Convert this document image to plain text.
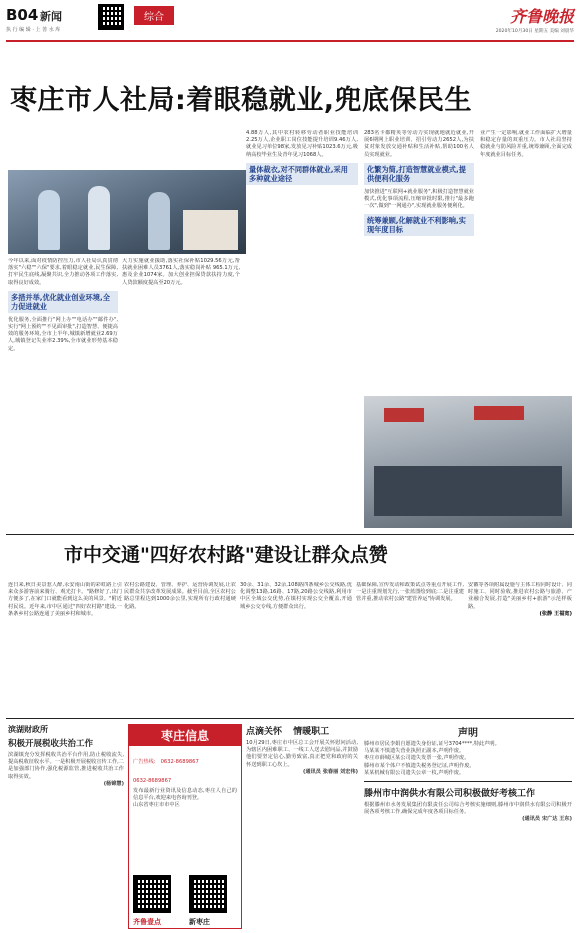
B04 新闻	综合
执 行 编 辑 · 上 善 水 库
齐鲁晚报
2020年10月30日 星期五 美编 刘晨华
枣庄市人社局:着眼稳就业,兜底保民生

今年以来,面对疫情防控压力,市人社局认真贯彻落实"六稳""六保"要求,着眼稳定就业,民生保障,打牢民生底线,凝聚共识,全力推动各项工作落实,取得良好成效。

多措并举,优化就业创业环境,全力促进就业

优化服务,全面推行"网上办""电话办""邮件办",实行"网上预约""不见面审批",打造智慧、便捷高效的服务环境,全市上半年,城镇新增就业2.69万人,城镇登记失业率2.39%,全市就业形势基本稳定。

大力实施就业援助,落实社保补贴1029.56万元,帮扶就业困难人员3761人,落实稳岗补贴 965.1万元,惠及企业1074家。加大创业担保贷款扶持力度,个人贷款额度提高至20万元。

4.88万人,其中农村转移劳动者职业技能培训2.25万人,企业职工岗位技能提升培训9.46万人,就业见习单位98家,发放见习补贴1023.6万元,吸纳高校毕业生及青年见习1068人。

量体裁衣,对不同群体就业,采用多种就业途径

283名卡都精英等劳动力实现就地就近就业,开展6期网上职业培训、招引劳动力2652人,为扶贫对象发放交通补贴和生活补贴,帮助100名人员实现就业。

化繁为简,打造智慧就业模式,提供便利化服务

加快推进"互联网+就业服务",积极打造智慧就业模式,优化事项流程,压缩审批时限,推行"最多跑一次",做到"一网通办",实现就业服务便利化。

统筹兼顾,化解就业不利影响,实现年度目标

业产生一定影响,就业工作面临扩大增量和稳定存量的双重压力。市人社局坚持稳就业与防风险并重,统筹兼顾,全面完成年度就业目标任务。

市中交通"四好农村路"建设让群众点赞

连日来,秋日美景惹人醉,永安南山街的彩虹路上引来众多游客前来骑行、观光打卡。"路修好了,出门方便多了,在家门口就能看到这么美的风景。"附近村民说。近年来,市中区通过"四好农村路"建设,一条条乡村公路连通了美丽乡村和城市。

农村公路建设、管理、养护、运营协调发展,让农民群众共享改革发展成果。截至目前,全区农村公路总里程达到1000余公里,实现所有行政村通硬化路。

30余、31余、32余,108路四条城乡公交线路,优化调整13路,16路、17路,20路公交线路,利用市中区全域公交优势,在镇村实现公交全覆盖,开通城乡公交专线,方便群众出行。

基础保障,宣传发动和政策试点等重点开展工作,一是注重规划先行,一张蓝图绘到底;二是注重建管并重,推动农村公路"建管养运"协调发展。

安徽等各项附属设施与主体工程同时设计、同时施工、同时验收,推进农村公路与旅游、产业融合发展,打造"美丽乡村+旅游"示范样板路。

(张静 王福宽)
滨湖财政所
积极开展税收共治工作

滨湖镇充分发挥税收共治平台作用,防止税收流失,提高税收征收水平。一是积极开展税收宣传工作,二是加强部门协作,强化税源监管,推进税收共治工作取得实效。

(杨锦慧)
枣庄信息
广告热线: 0632-8689867
0632-8689867

发布最新行业资讯及信息动态,枣庄人自己的信息平台,欢迎来电咨询刊登。

山东省枣庄市市中区

齐鲁壹点	新枣庄
点滴关怀 情暖职工

10月29日,枣庄市中区总工会开展关怀慰问活动,为辖区内困难职工、一线工人送去慰问品,并鼓励他们要坚定信心,勤劳致富,真正把党和政府的关怀送到职工心坎上。

(通讯员 张春丽 刘宏伟)
声明

滕州市居民李娟自愿遗失身份证,证号3704****,特此声明。

马某某不慎遗失营业执照正副本,声明作废。

枣庄市薛城区某公司遗失发票一张,声明作废。

滕州市某个体户不慎遗失税务登记证,声明作废。

某某机械有限公司遗失公章一枚,声明作废。

滕州市中润供水有限公司积极做好考核工作

根据滕州市水务发展集团有限责任公司综合考核实施细则,滕州市中润供水有限公司积极开展各项考核工作,确保完成年度各项目标任务。

(通讯员 宋广达 王东)
